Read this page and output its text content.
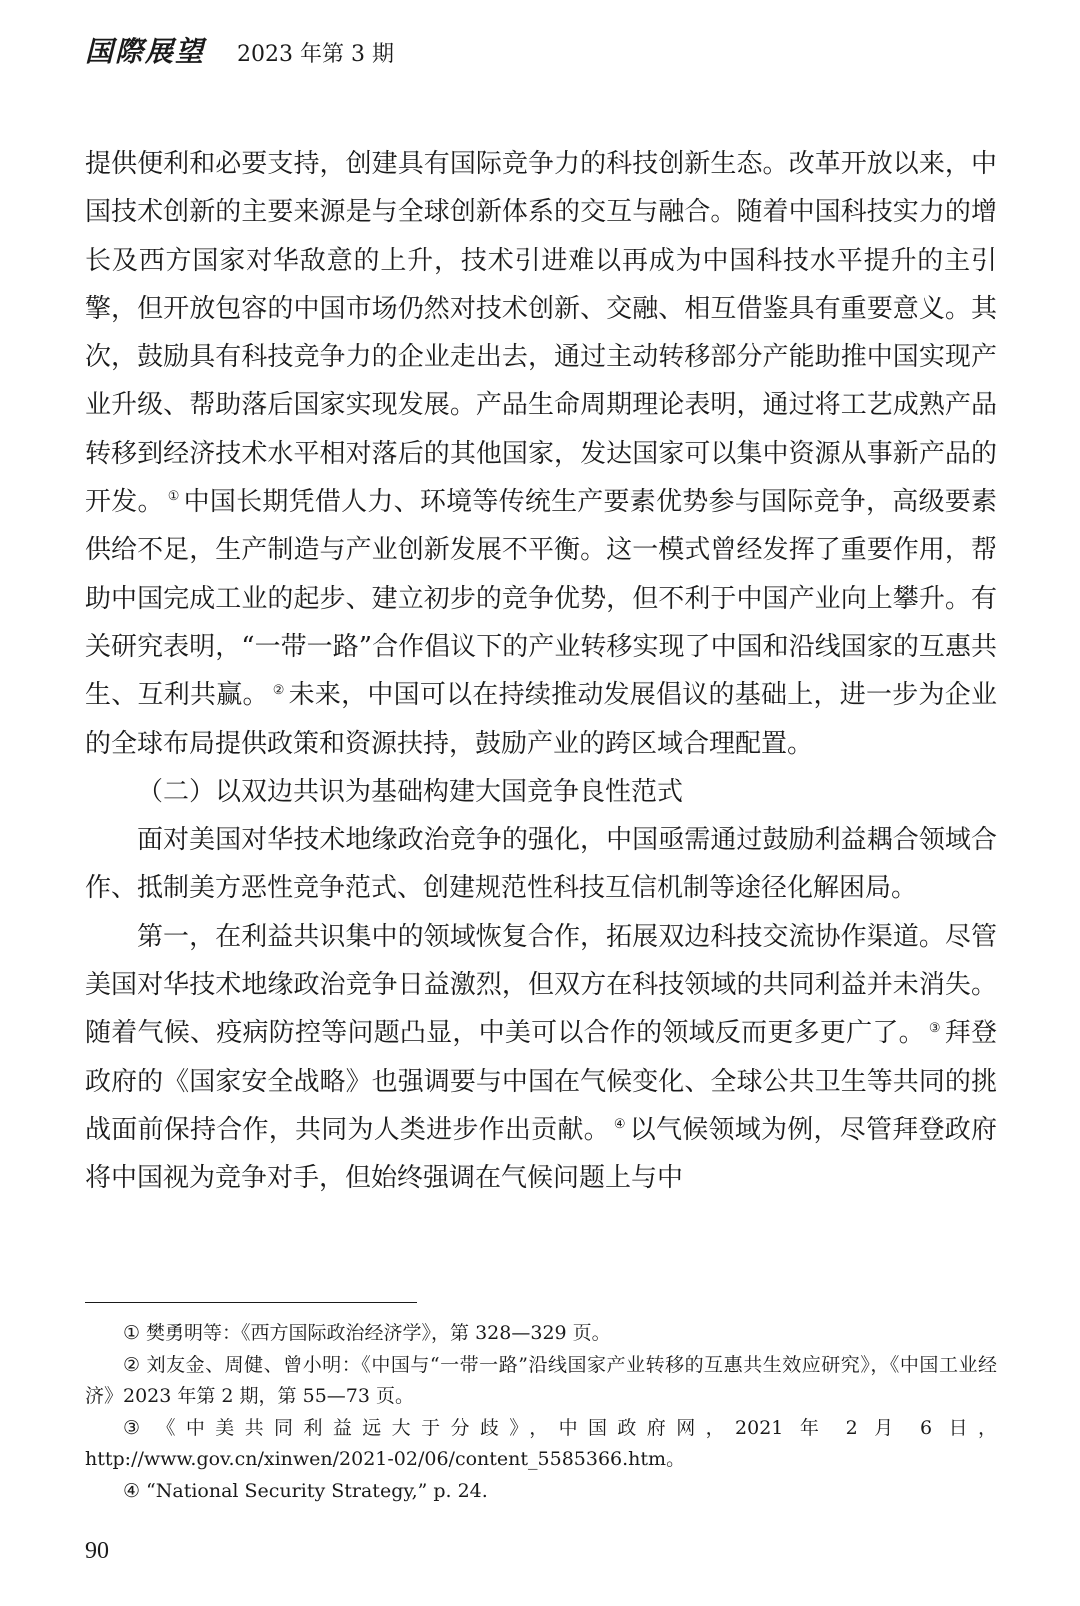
国際展望 2023 年第 3 期

提供便利和必要支持，创建具有国际竞争力的科技创新生态。改革开放以来，中国技术创新的主要来源是与全球创新体系的交互与融合。随着中国科技实力的增长及西方国家对华敌意的上升，技术引进难以再成为中国科技水平提升的主引擎，但开放包容的中国市场仍然对技术创新、交融、相互借鉴具有重要意义。其次，鼓励具有科技竞争力的企业走出去，通过主动转移部分产能助推中国实现产业升级、帮助落后国家实现发展。产品生命周期理论表明，通过将工艺成熟产品转移到经济技术水平相对落后的其他国家，发达国家可以集中资源从事新产品的开发。 ① 中国长期凭借人力、环境等传统生产要素优势参与国际竞争，高级要素供给不足，生产制造与产业创新发展不平衡。这一模式曾经发挥了重要作用，帮助中国完成工业的起步、建立初步的竞争优势，但不利于中国产业向上攀升。有关研究表明，“一带一路”合作倡议下的产业转移实现了中国和沿线国家的互惠共生、互利共赢。 ② 未来，中国可以在持续推动发展倡议的基础上，进一步为企业的全球布局提供政策和资源扶持，鼓励产业的跨区域合理配置。

（二）以双边共识为基础构建大国竞争良性范式

面对美国对华技术地缘政治竞争的强化，中国亟需通过鼓励利益耦合领域合作、抵制美方恶性竞争范式、创建规范性科技互信机制等途径化解困局。

第一，在利益共识集中的领域恢复合作，拓展双边科技交流协作渠道。尽管美国对华技术地缘政治竞争日益激烈，但双方在科技领域的共同利益并未消失。随着气候、疫病防控等问题凸显，中美可以合作的领域反而更多更广了。 ③ 拜登政府的《国家安全战略》也强调要与中国在气候变化、全球公共卫生等共同的挑战面前保持合作，共同为人类进步作出贡献。 ④ 以气候领域为例，尽管拜登政府将中国视为竞争对手，但始终强调在气候问题上与中

① 樊勇明等：《西方国际政治经济学》，第 328—329 页。

② 刘友金、周健、曾小明：《中国与“一带一路”沿线国家产业转移的互惠共生效应研究》，《中国工业经济》2023 年第 2 期，第 55—73 页。

③ 《中美共同利益远大于分歧》，中国政府网，2021 年 2 月 6 日，http://www.gov.cn/xinwen/2021-02/06/content_5585366.htm。

④ “National Security Strategy,” p. 24.

90
